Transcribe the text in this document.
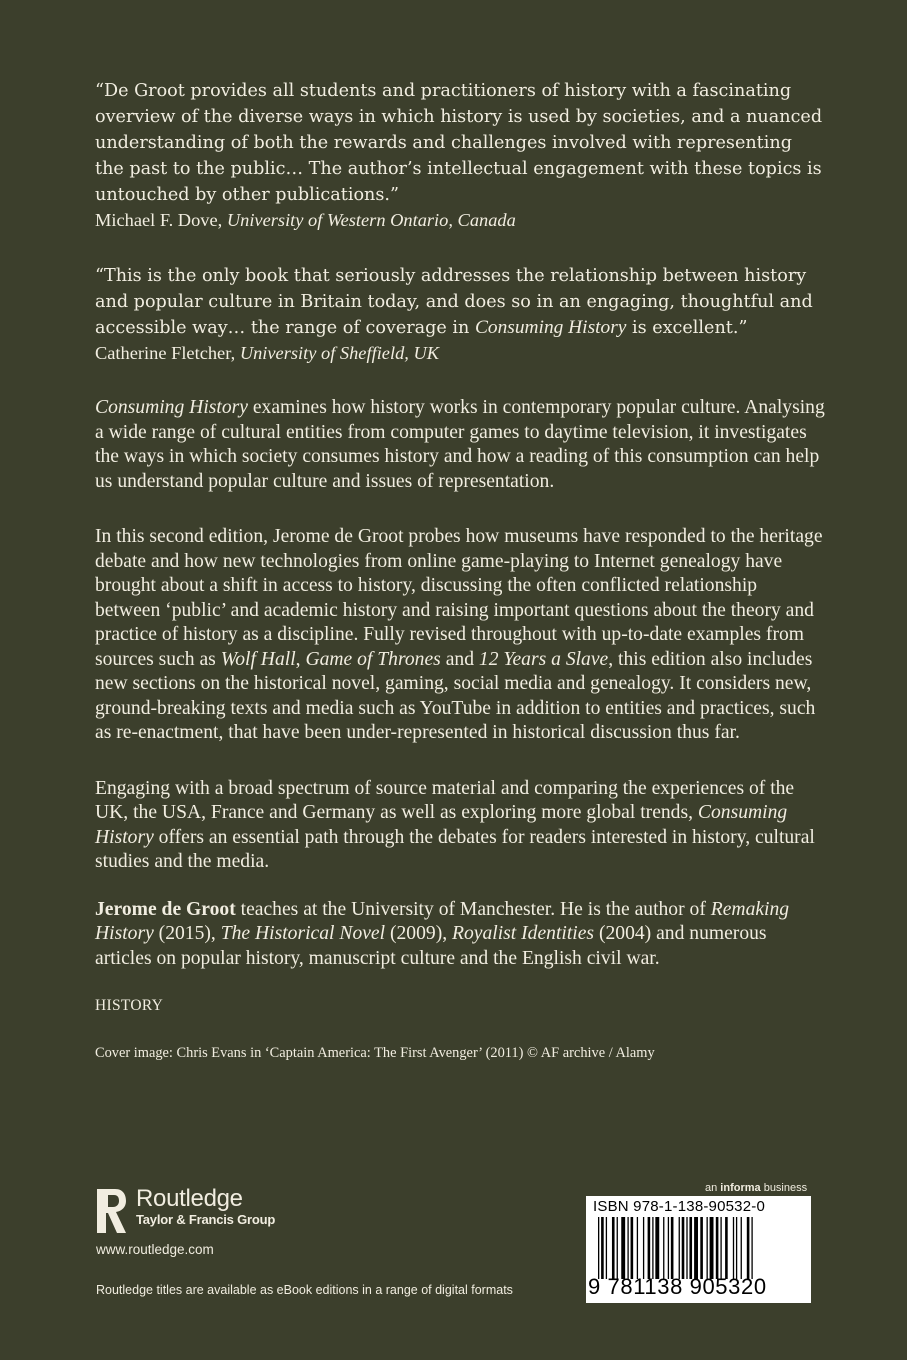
“De Groot provides all students and practitioners of history with a fascinating overview of the diverse ways in which history is used by societies, and a nuanced understanding of both the rewards and challenges involved with representing the past to the public… The author’s intellectual engagement with these topics is untouched by other publications.”

Michael F. Dove, University of Western Ontario, Canada

“This is the only book that seriously addresses the relationship between history and popular culture in Britain today, and does so in an engaging, thoughtful and accessible way… the range of coverage in Consuming History is excellent.”

Catherine Fletcher, University of Sheffield, UK

Consuming History examines how history works in contemporary popular culture. Analysing a wide range of cultural entities from computer games to daytime television, it investigates the ways in which society consumes history and how a reading of this consumption can help us understand popular culture and issues of representation.

In this second edition, Jerome de Groot probes how museums have responded to the heritage debate and how new technologies from online game-playing to Internet genealogy have brought about a shift in access to history, discussing the often conflicted relationship between ‘public’ and academic history and raising important questions about the theory and practice of history as a discipline. Fully revised throughout with up-to-date examples from sources such as Wolf Hall, Game of Thrones and 12 Years a Slave, this edition also includes new sections on the historical novel, gaming, social media and genealogy. It considers new, ground-breaking texts and media such as YouTube in addition to entities and practices, such as re-enactment, that have been under-represented in historical discussion thus far.

Engaging with a broad spectrum of source material and comparing the experiences of the UK, the USA, France and Germany as well as exploring more global trends, Consuming History offers an essential path through the debates for readers interested in history, cultural studies and the media.

Jerome de Groot teaches at the University of Manchester. He is the author of Remaking History (2015), The Historical Novel (2009), Royalist Identities (2004) and numerous articles on popular history, manuscript culture and the English civil war.

HISTORY

Cover image: Chris Evans in ‘Captain America: The First Avenger’ (2011) © AF archive / Alamy

Routledge
Taylor & Francis Group
www.routledge.com
Routledge titles are available as eBook editions in a range of digital formats
an informa business
ISBN 978-1-138-90532-0
9 781138 905320
